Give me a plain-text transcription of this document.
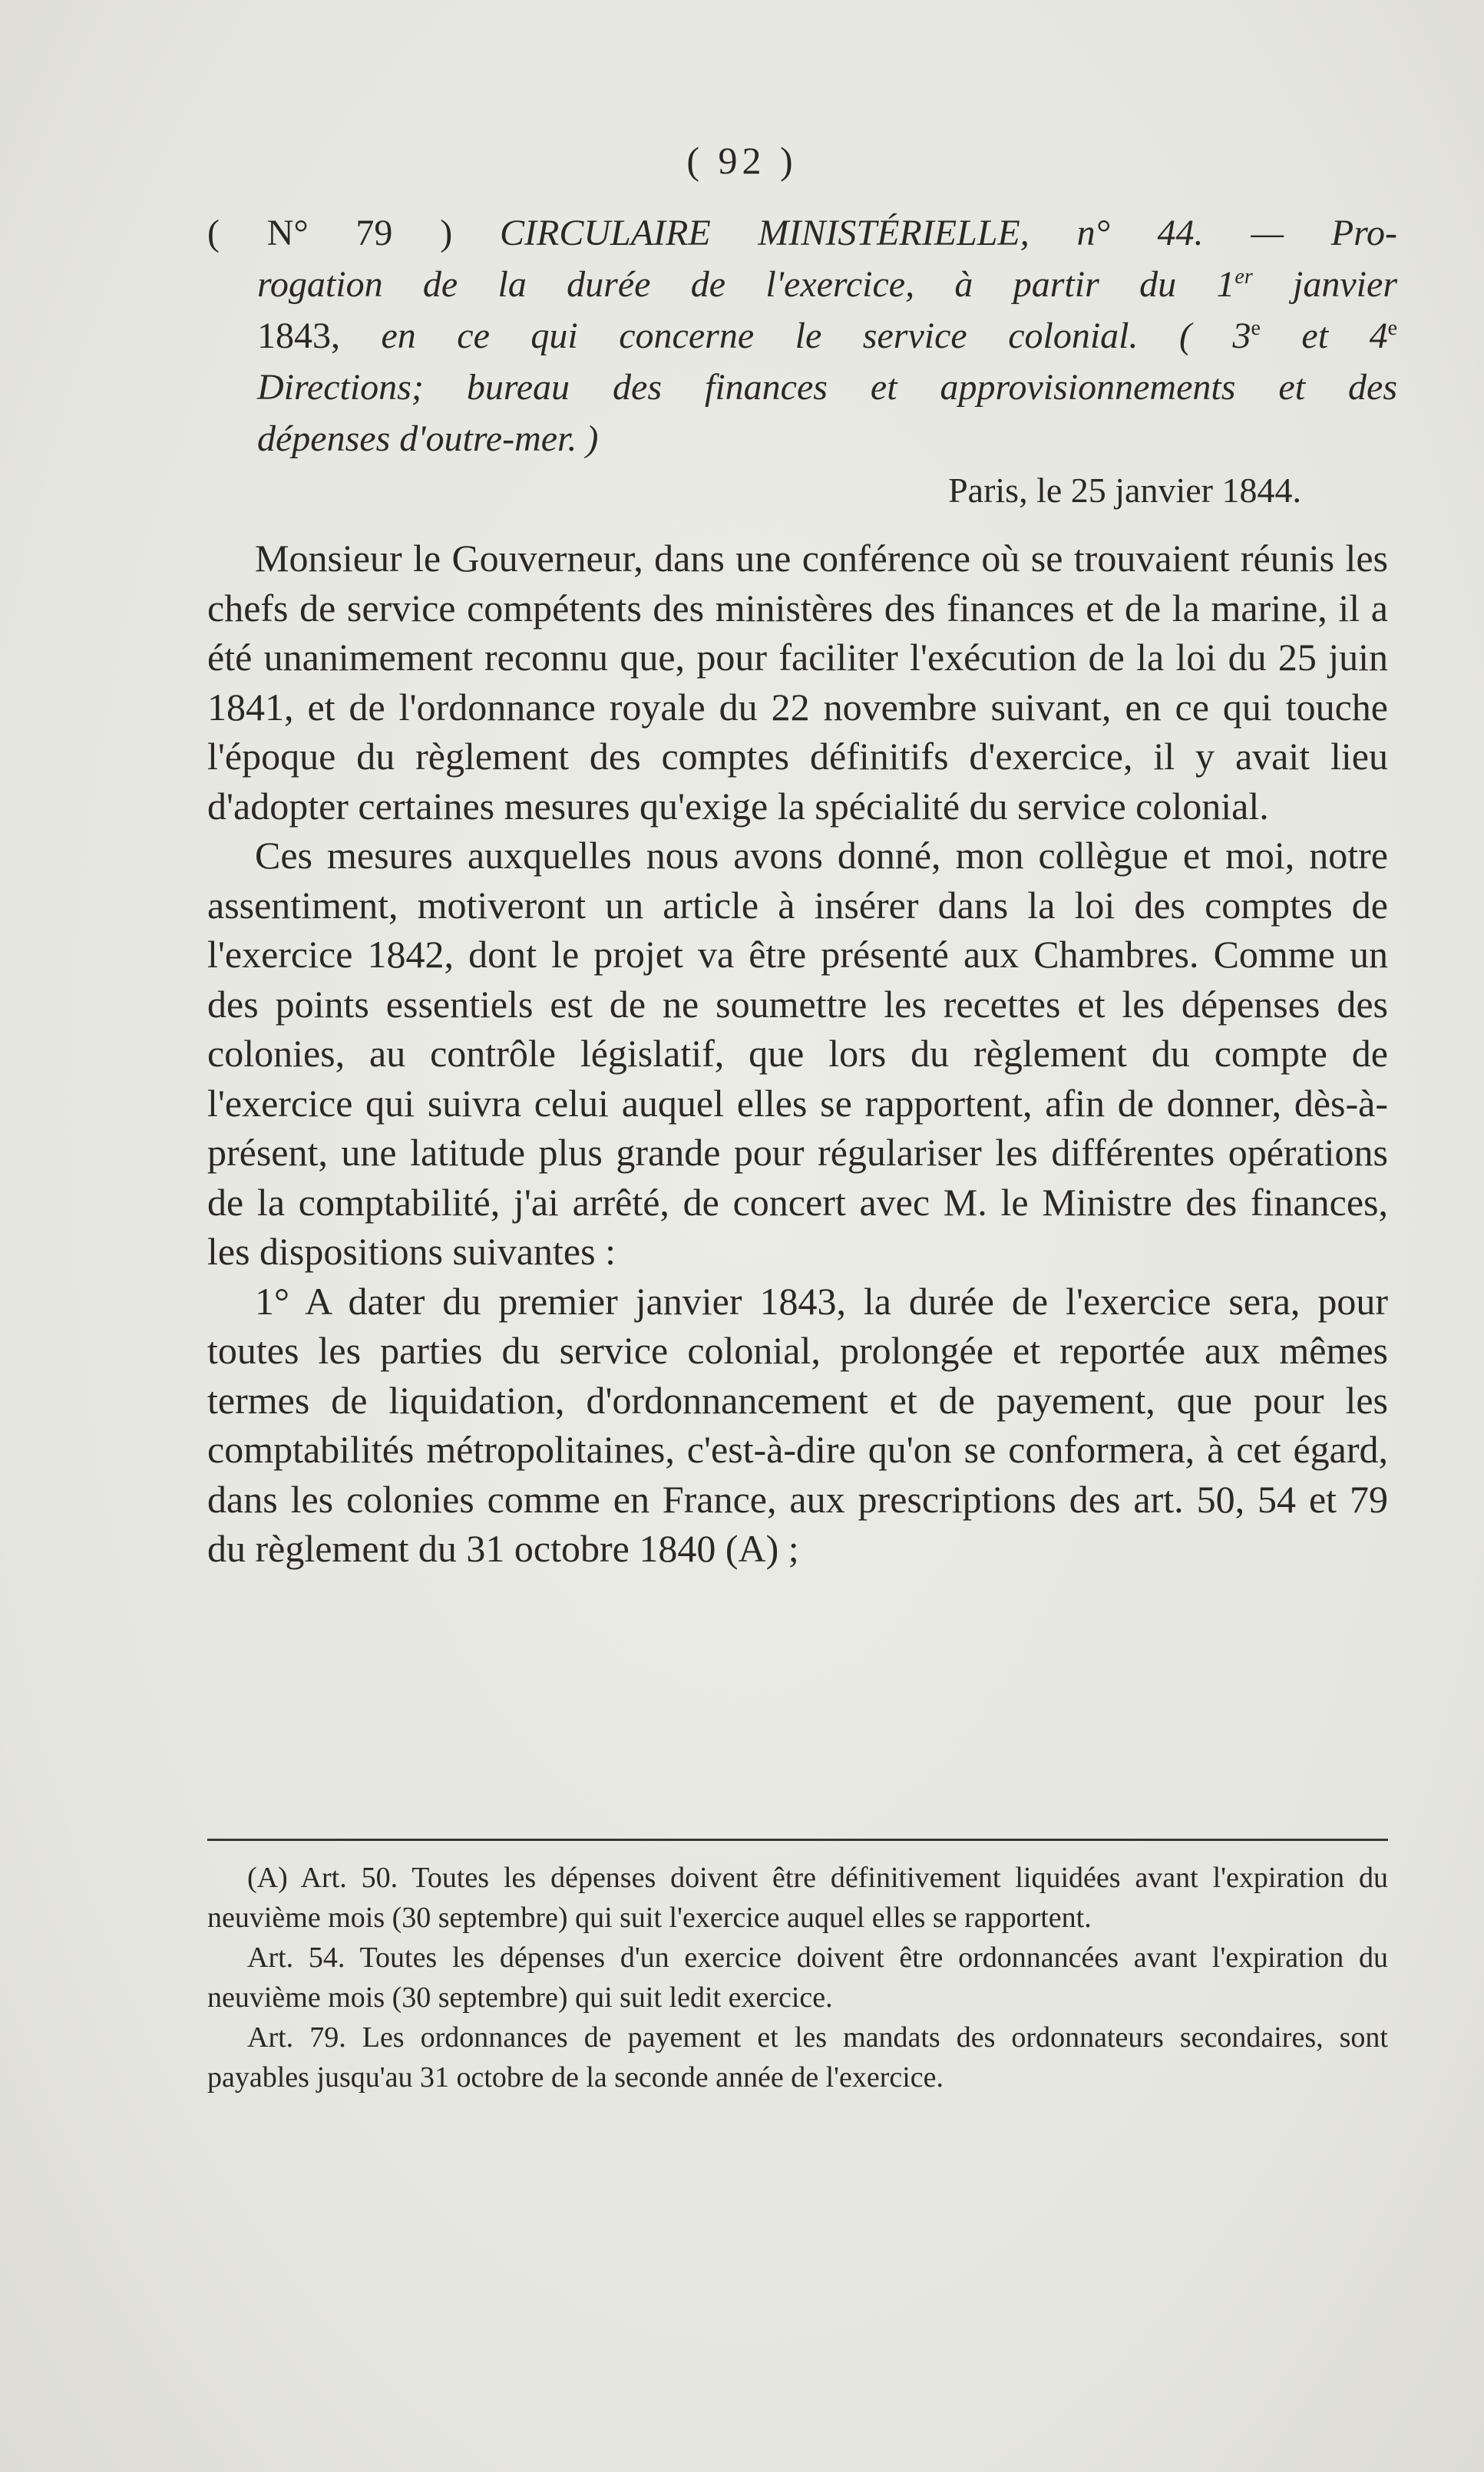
( 92 )
( N° 79 ) CIRCULAIRE MINISTÉRIELLE, n° 44. — Pro-
rogation de la durée de l'exercice, à partir du 1er janvier
1843, en ce qui concerne le service colonial. ( 3e et 4e
Directions; bureau des finances et approvisionnements et des
dépenses d'outre-mer. )
Paris, le 25 janvier 1844.

Monsieur le Gouverneur, dans une conférence où se trouvaient réunis les chefs de service compétents des ministères des finances et de la marine, il a été unanimement reconnu que, pour faciliter l'exécution de la loi du 25 juin 1841, et de l'ordonnance royale du 22 novembre suivant, en ce qui touche l'époque du règlement des comptes définitifs d'exercice, il y avait lieu d'adopter certaines mesures qu'exige la spécialité du service colonial.

Ces mesures auxquelles nous avons donné, mon collègue et moi, notre assentiment, motiveront un article à insérer dans la loi des comptes de l'exercice 1842, dont le projet va être présenté aux Chambres. Comme un des points essentiels est de ne soumettre les recettes et les dépenses des colonies, au contrôle législatif, que lors du règlement du compte de l'exercice qui suivra celui auquel elles se rapportent, afin de donner, dès-à-présent, une latitude plus grande pour régulariser les différentes opérations de la comptabilité, j'ai arrêté, de concert avec M. le Ministre des finances, les dispositions suivantes :

1° A dater du premier janvier 1843, la durée de l'exercice sera, pour toutes les parties du service colonial, prolongée et reportée aux mêmes termes de liquidation, d'ordonnancement et de payement, que pour les comptabilités métropolitaines, c'est-à-dire qu'on se conformera, à cet égard, dans les colonies comme en France, aux prescriptions des art. 50, 54 et 79 du règlement du 31 octobre 1840 (A) ;

(A) Art. 50. Toutes les dépenses doivent être définitivement liquidées avant l'expiration du neuvième mois (30 septembre) qui suit l'exercice auquel elles se rapportent.

Art. 54. Toutes les dépenses d'un exercice doivent être ordonnancées avant l'expiration du neuvième mois (30 septembre) qui suit ledit exercice.

Art. 79. Les ordonnances de payement et les mandats des ordonnateurs secondaires, sont payables jusqu'au 31 octobre de la seconde année de l'exercice.
